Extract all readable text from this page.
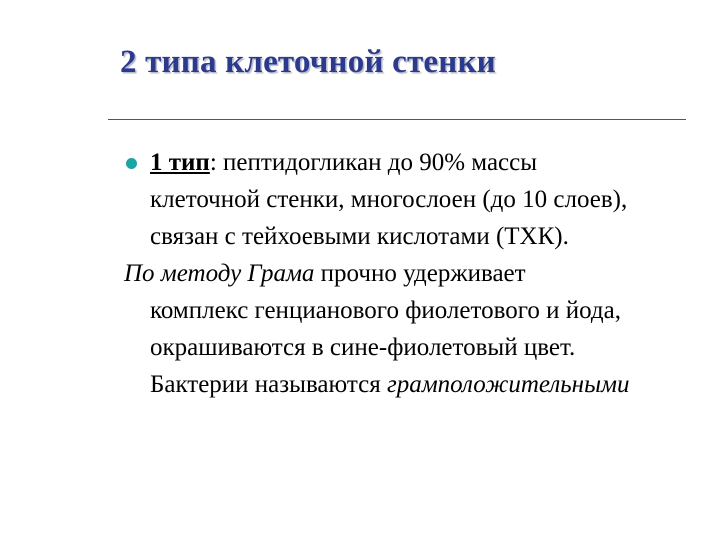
2 типа клеточной стенки
1 тип: пептидогликан до 90% массы
клеточной стенки, многослоен (до 10 слоев),
связан с тейхоевыми кислотами (ТХК).
По методу Грама прочно удерживает
комплекс генцианового фиолетового и йода,
окрашиваются в сине-фиолетовый цвет.
Бактерии называются грамположительными
